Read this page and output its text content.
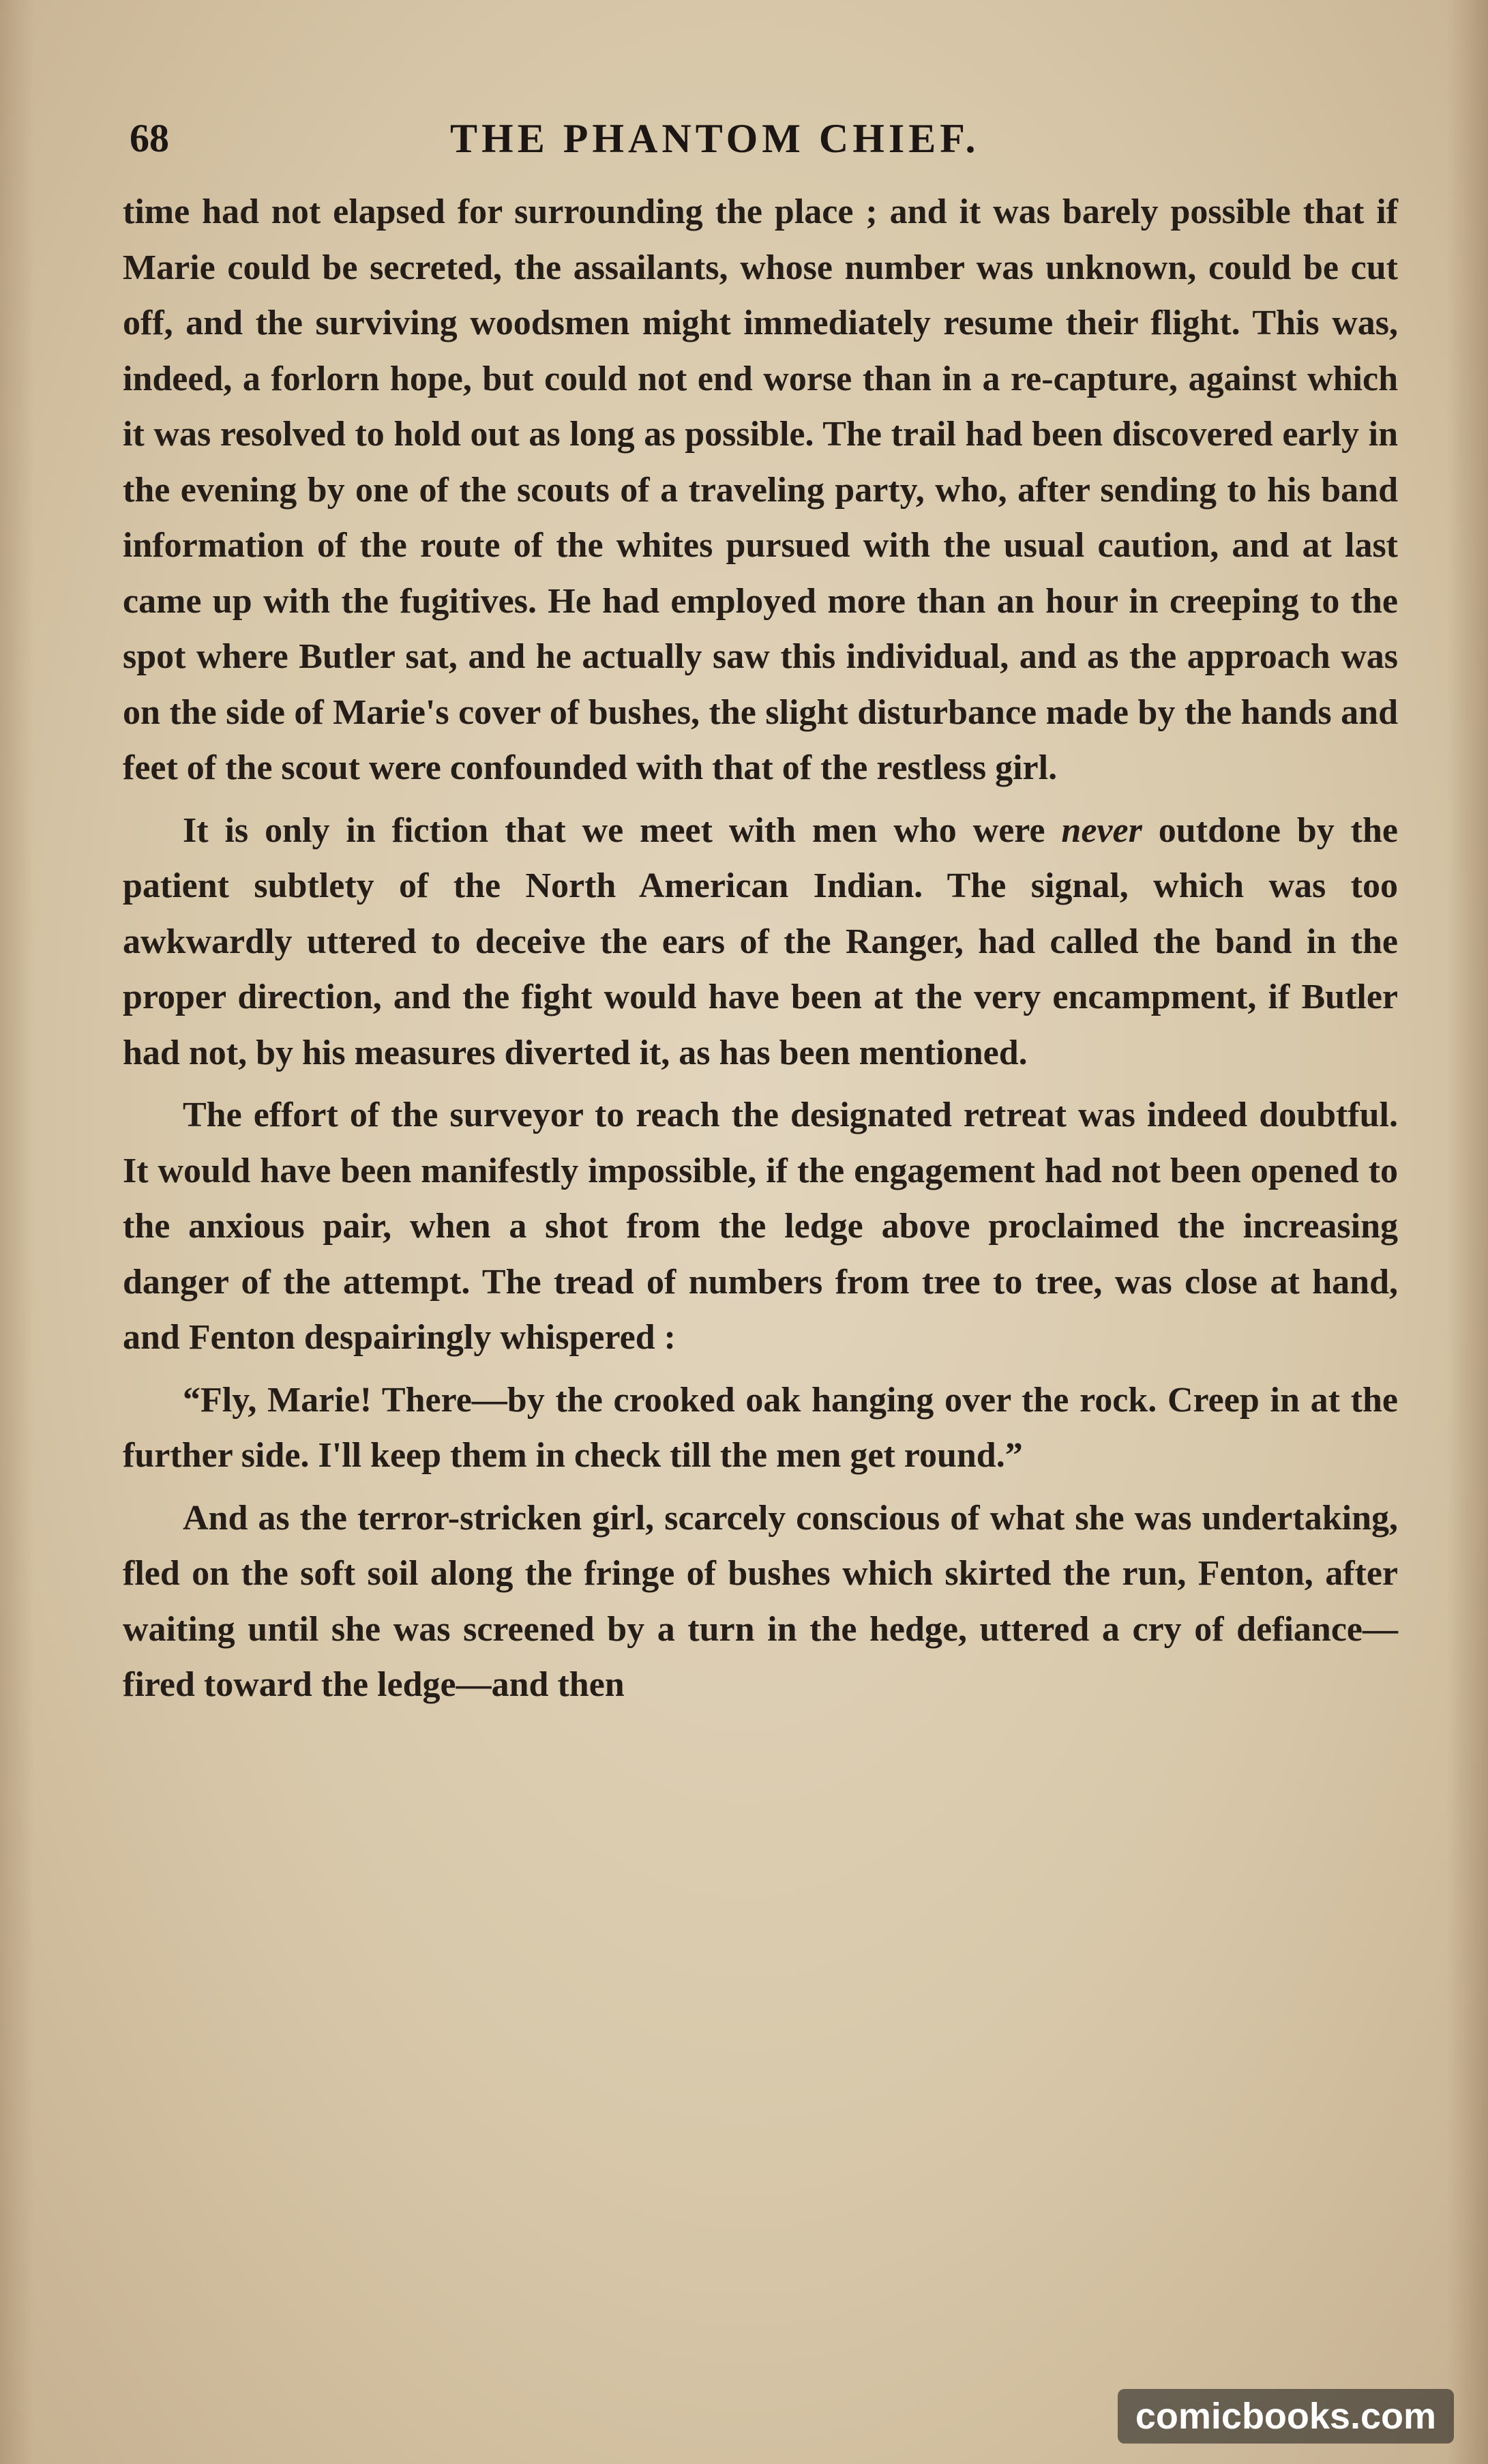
68	THE PHANTOM CHIEF.

time had not elapsed for surrounding the place ; and it was barely possible that if Marie could be secreted, the assailants, whose number was unknown, could be cut off, and the surviving woodsmen might immediately resume their flight. This was, indeed, a forlorn hope, but could not end worse than in a re-capture, against which it was resolved to hold out as long as possible. The trail had been discovered early in the evening by one of the scouts of a traveling party, who, after sending to his band information of the route of the whites pursued with the usual caution, and at last came up with the fugitives. He had employed more than an hour in creeping to the spot where Butler sat, and he actually saw this individual, and as the approach was on the side of Marie's cover of bushes, the slight disturbance made by the hands and feet of the scout were confounded with that of the restless girl.

It is only in fiction that we meet with men who were never outdone by the patient subtlety of the North American Indian. The signal, which was too awkwardly uttered to deceive the ears of the Ranger, had called the band in the proper direction, and the fight would have been at the very encampment, if Butler had not, by his measures diverted it, as has been mentioned.

The effort of the surveyor to reach the designated retreat was indeed doubtful. It would have been manifestly impossible, if the engagement had not been opened to the anxious pair, when a shot from the ledge above proclaimed the increasing danger of the attempt. The tread of numbers from tree to tree, was close at hand, and Fenton despairingly whispered :

“Fly, Marie! There—by the crooked oak hanging over the rock. Creep in at the further side. I'll keep them in check till the men get round.”

And as the terror-stricken girl, scarcely conscious of what she was undertaking, fled on the soft soil along the fringe of bushes which skirted the run, Fenton, after waiting until she was screened by a turn in the hedge, uttered a cry of defiance—fired toward the ledge—and then

comicbooks.com
